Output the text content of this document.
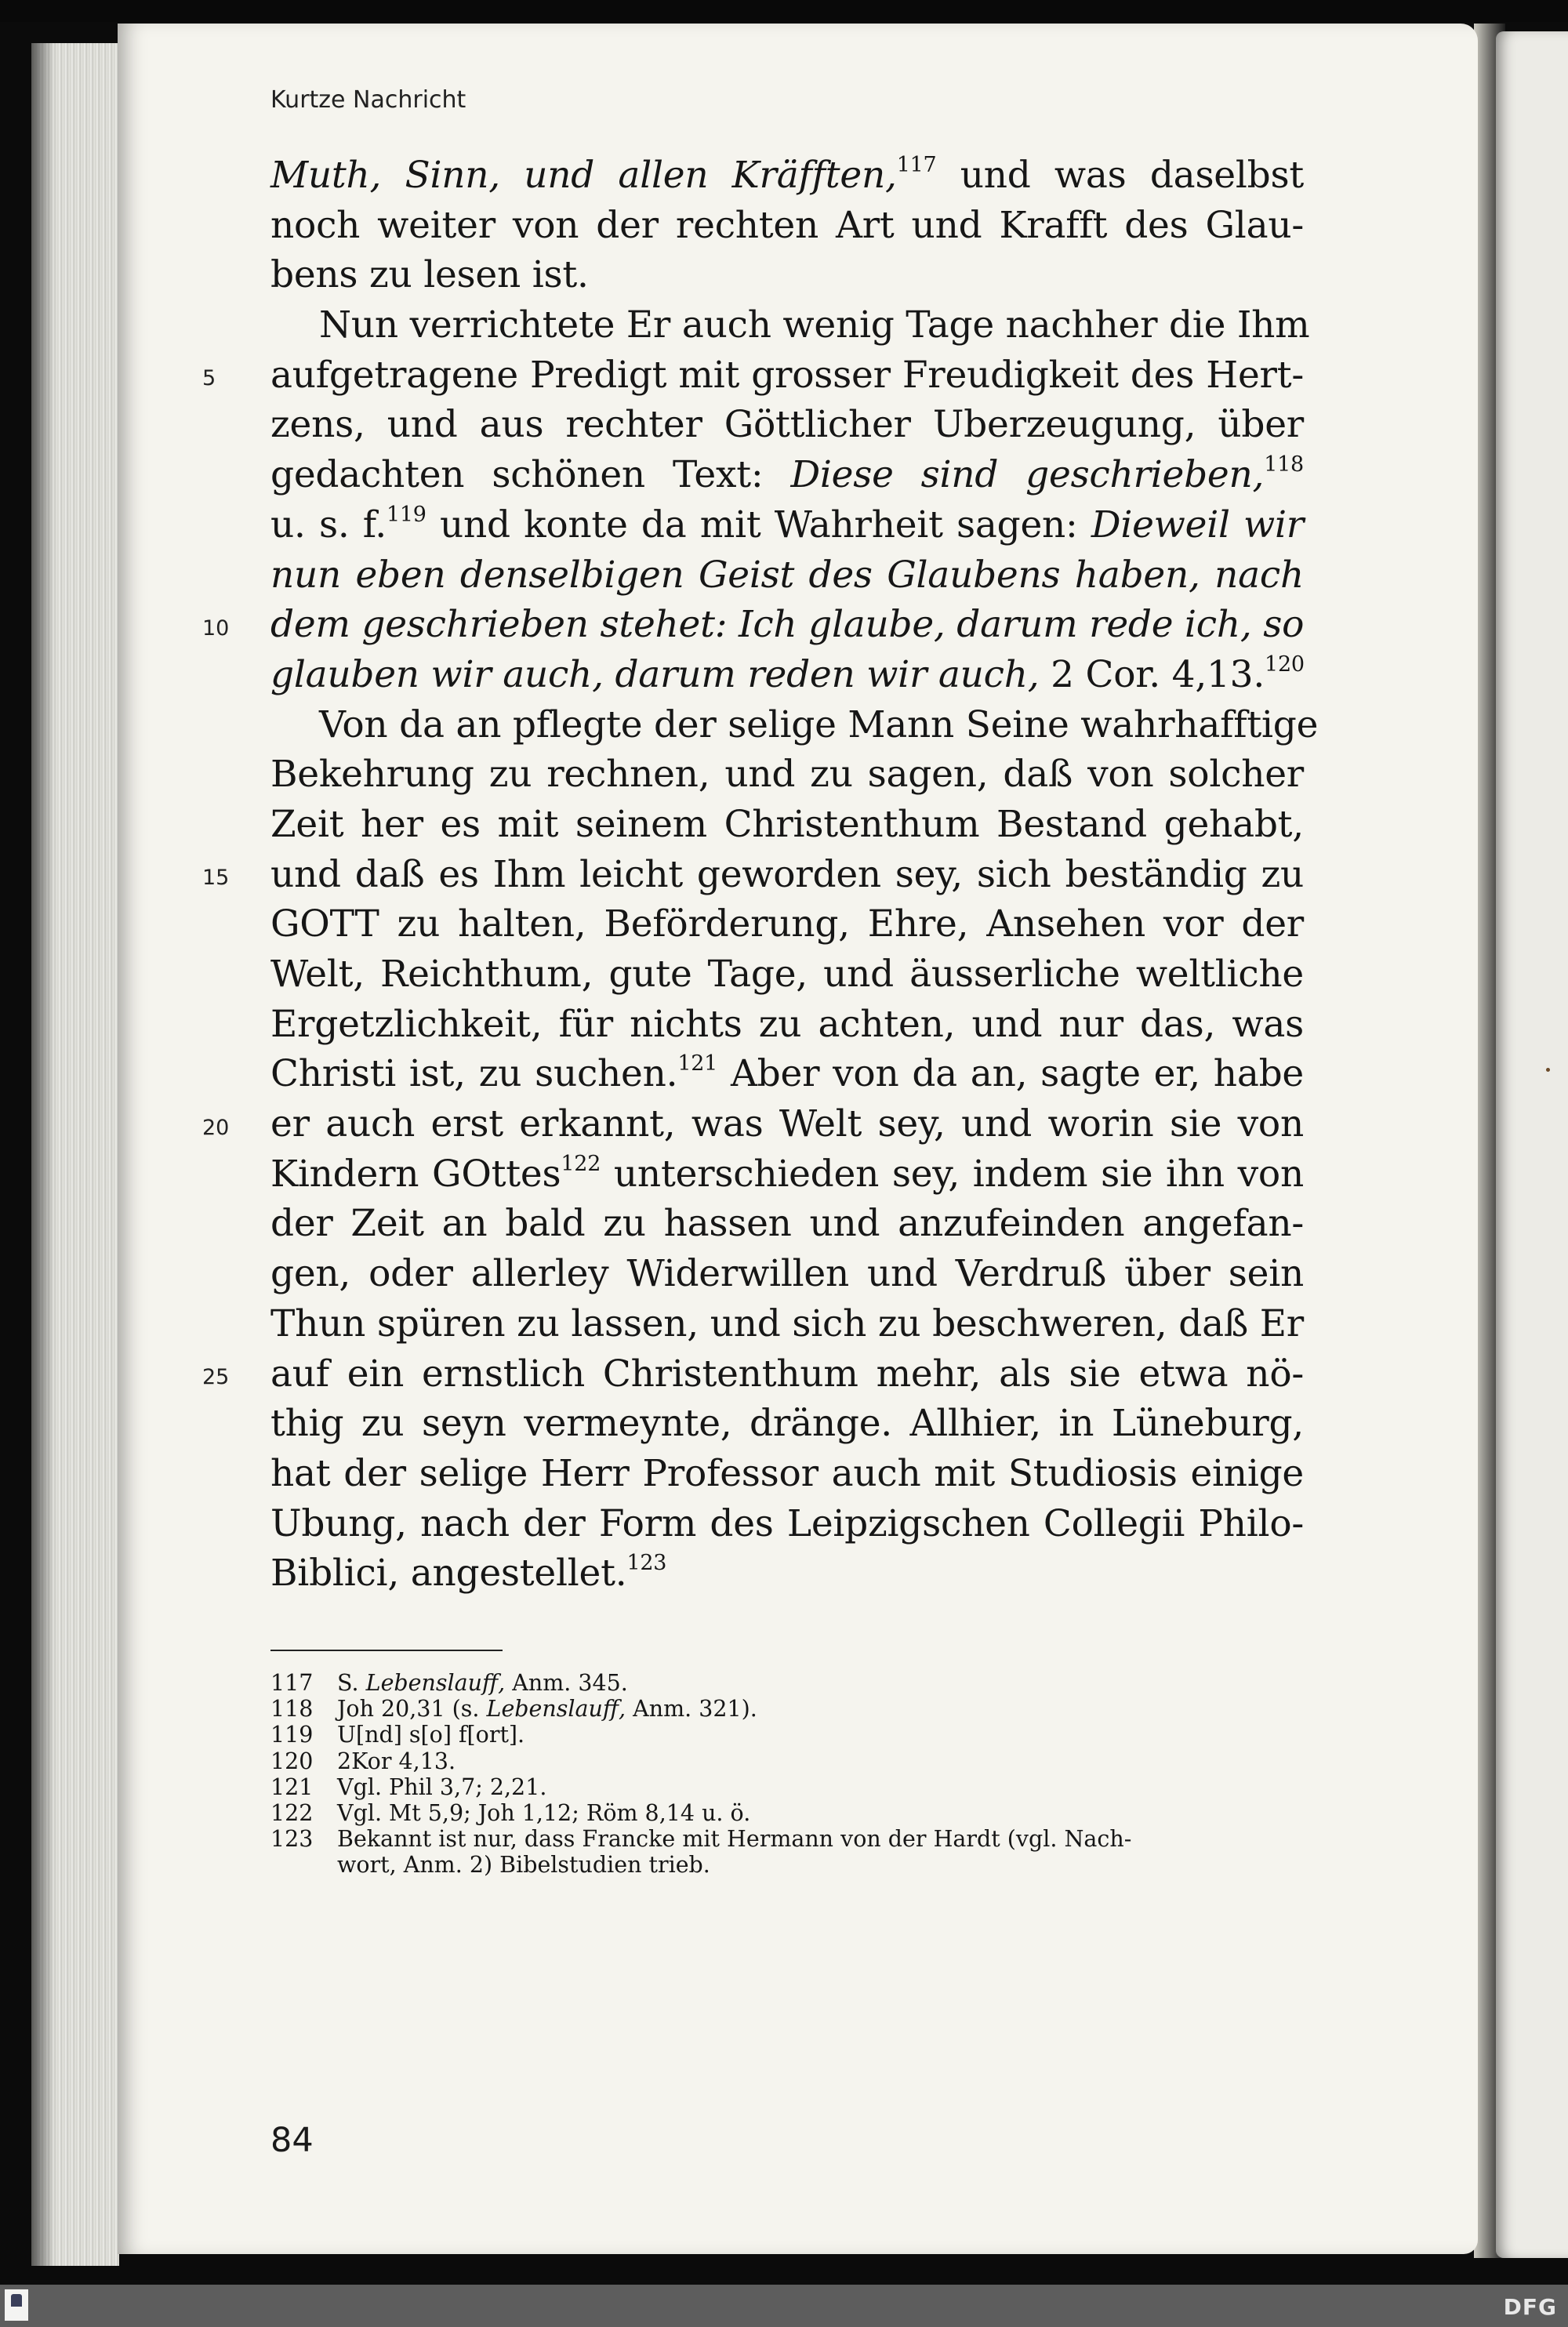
Kurtze Nachricht
5
10
15
20
25
Muth, Sinn, und allen Kräfften,$^{117}$ und was daselbst
noch weiter von der rechten Art und Krafft des Glau-
bens zu lesen ist.
Nun verrichtete Er auch wenig Tage nachher die Ihm
aufgetragene Predigt mit grosser Freudigkeit des Hert-
zens, und aus rechter Göttlicher Uberzeugung, über
gedachten schönen Text: Diese sind geschrieben,$^{118}$
u. s. f.$^{119}$ und konte da mit Wahrheit sagen: Dieweil wir
nun eben denselbigen Geist des Glaubens haben, nach
dem geschrieben stehet: Ich glaube, darum rede ich, so
glauben wir auch, darum reden wir auch, 2 Cor. 4,13.$^{120}$
Von da an pflegte der selige Mann Seine wahrhafftige
Bekehrung zu rechnen, und zu sagen, daß von solcher
Zeit her es mit seinem Christenthum Bestand gehabt,
und daß es Ihm leicht geworden sey, sich beständig zu
GOTT zu halten, Beförderung, Ehre, Ansehen vor der
Welt, Reichthum, gute Tage, und äusserliche weltliche
Ergetzlichkeit, für nichts zu achten, und nur das, was
Christi ist, zu suchen.$^{121}$ Aber von da an, sagte er, habe
er auch erst erkannt, was Welt sey, und worin sie von
Kindern GOttes$^{122}$ unterschieden sey, indem sie ihn von
der Zeit an bald zu hassen und anzufeinden angefan-
gen, oder allerley Widerwillen und Verdruß über sein
Thun spüren zu lassen, und sich zu beschweren, daß Er
auf ein ernstlich Christenthum mehr, als sie etwa nö-
thig zu seyn vermeynte, dränge. Allhier, in Lüneburg,
hat der selige Herr Professor auch mit Studiosis einige
Ubung, nach der Form des Leipzigschen Collegii Philo-
Biblici, angestellet.$^{123}$
117	S. Lebenslauff, Anm. 345.
118	Joh 20,31 (s. Lebenslauff, Anm. 321).
119	U[nd] s[o] f[ort].
120	2Kor 4,13.
121	Vgl. Phil 3,7; 2,21.
122	Vgl. Mt 5,9; Joh 1,12; Röm 8,14 u. ö.
123	Bekannt ist nur, dass Francke mit Hermann von der Hardt (vgl. Nach-
wort, Anm. 2) Bibelstudien trieb.
84
DFG
